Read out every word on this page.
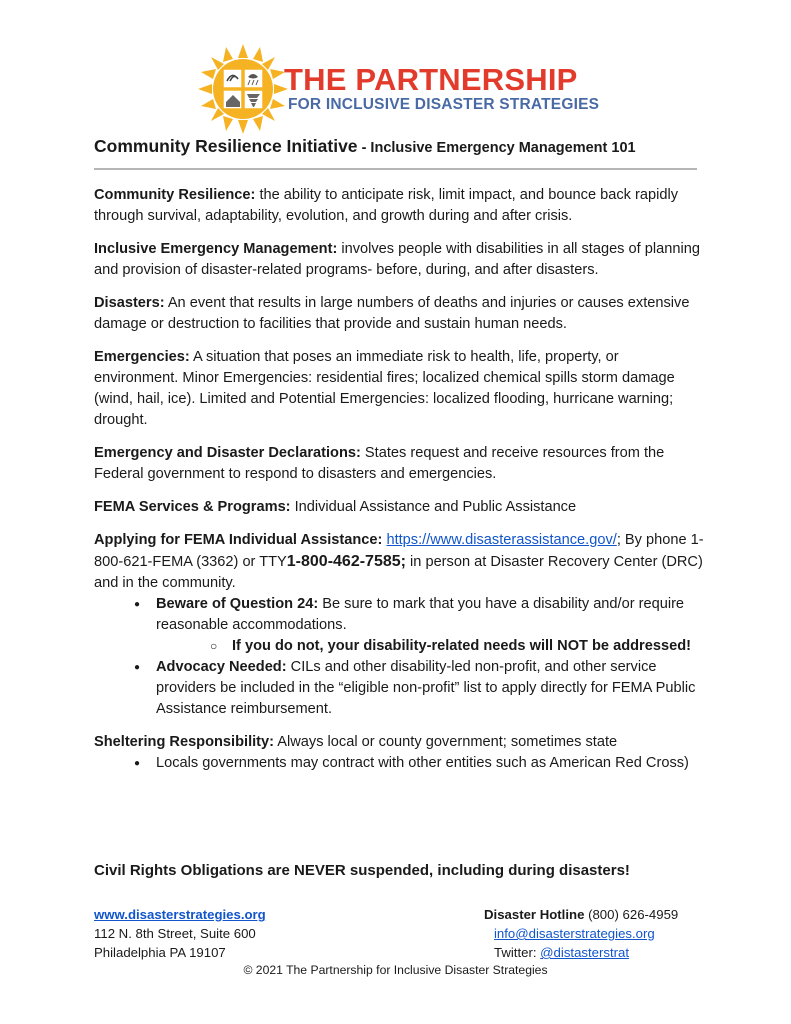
THE PARTNERSHIP
FOR INCLUSIVE DISASTER STRATEGIES
Community Resilience Initiative - Inclusive Emergency Management 101

Community Resilience: the ability to anticipate risk, limit impact, and bounce back rapidly through survival, adaptability, evolution, and growth during and after crisis.

Inclusive Emergency Management: involves people with disabilities in all stages of planning and provision of disaster-related programs- before, during, and after disasters.

Disasters: An event that results in large numbers of deaths and injuries or causes extensive damage or destruction to facilities that provide and sustain human needs.

Emergencies: A situation that poses an immediate risk to health, life, property, or environment. Minor Emergencies: residential fires; localized chemical spills storm damage (wind, hail, ice). Limited and Potential Emergencies: localized flooding, hurricane warning; drought.

Emergency and Disaster Declarations: States request and receive resources from the Federal government to respond to disasters and emergencies.

FEMA Services & Programs: Individual Assistance and Public Assistance

Applying for FEMA Individual Assistance: https://www.disasterassistance.gov/; By phone 1-800-621-FEMA (3362) or TTY1-800-462-7585; in person at Disaster Recovery Center (DRC) and in the community.
● Beware of Question 24: Be sure to mark that you have a disability and/or require reasonable accommodations.
○ If you do not, your disability-related needs will NOT be addressed!
● Advocacy Needed: CILs and other disability-led non-profit, and other service providers be included in the “eligible non-profit” list to apply directly for FEMA Public Assistance reimbursement.
Sheltering Responsibility: Always local or county government; sometimes state
● Locals governments may contract with other entities such as American Red Cross)
Civil Rights Obligations are NEVER suspended, including during disasters!
www.disasterstrategies.org
112 N. 8th Street, Suite 600
Philadelphia PA 19107
Disaster Hotline (800) 626-4959
info@disasterstrategies.org
Twitter: @distasterstrat
© 2021 The Partnership for Inclusive Disaster Strategies
